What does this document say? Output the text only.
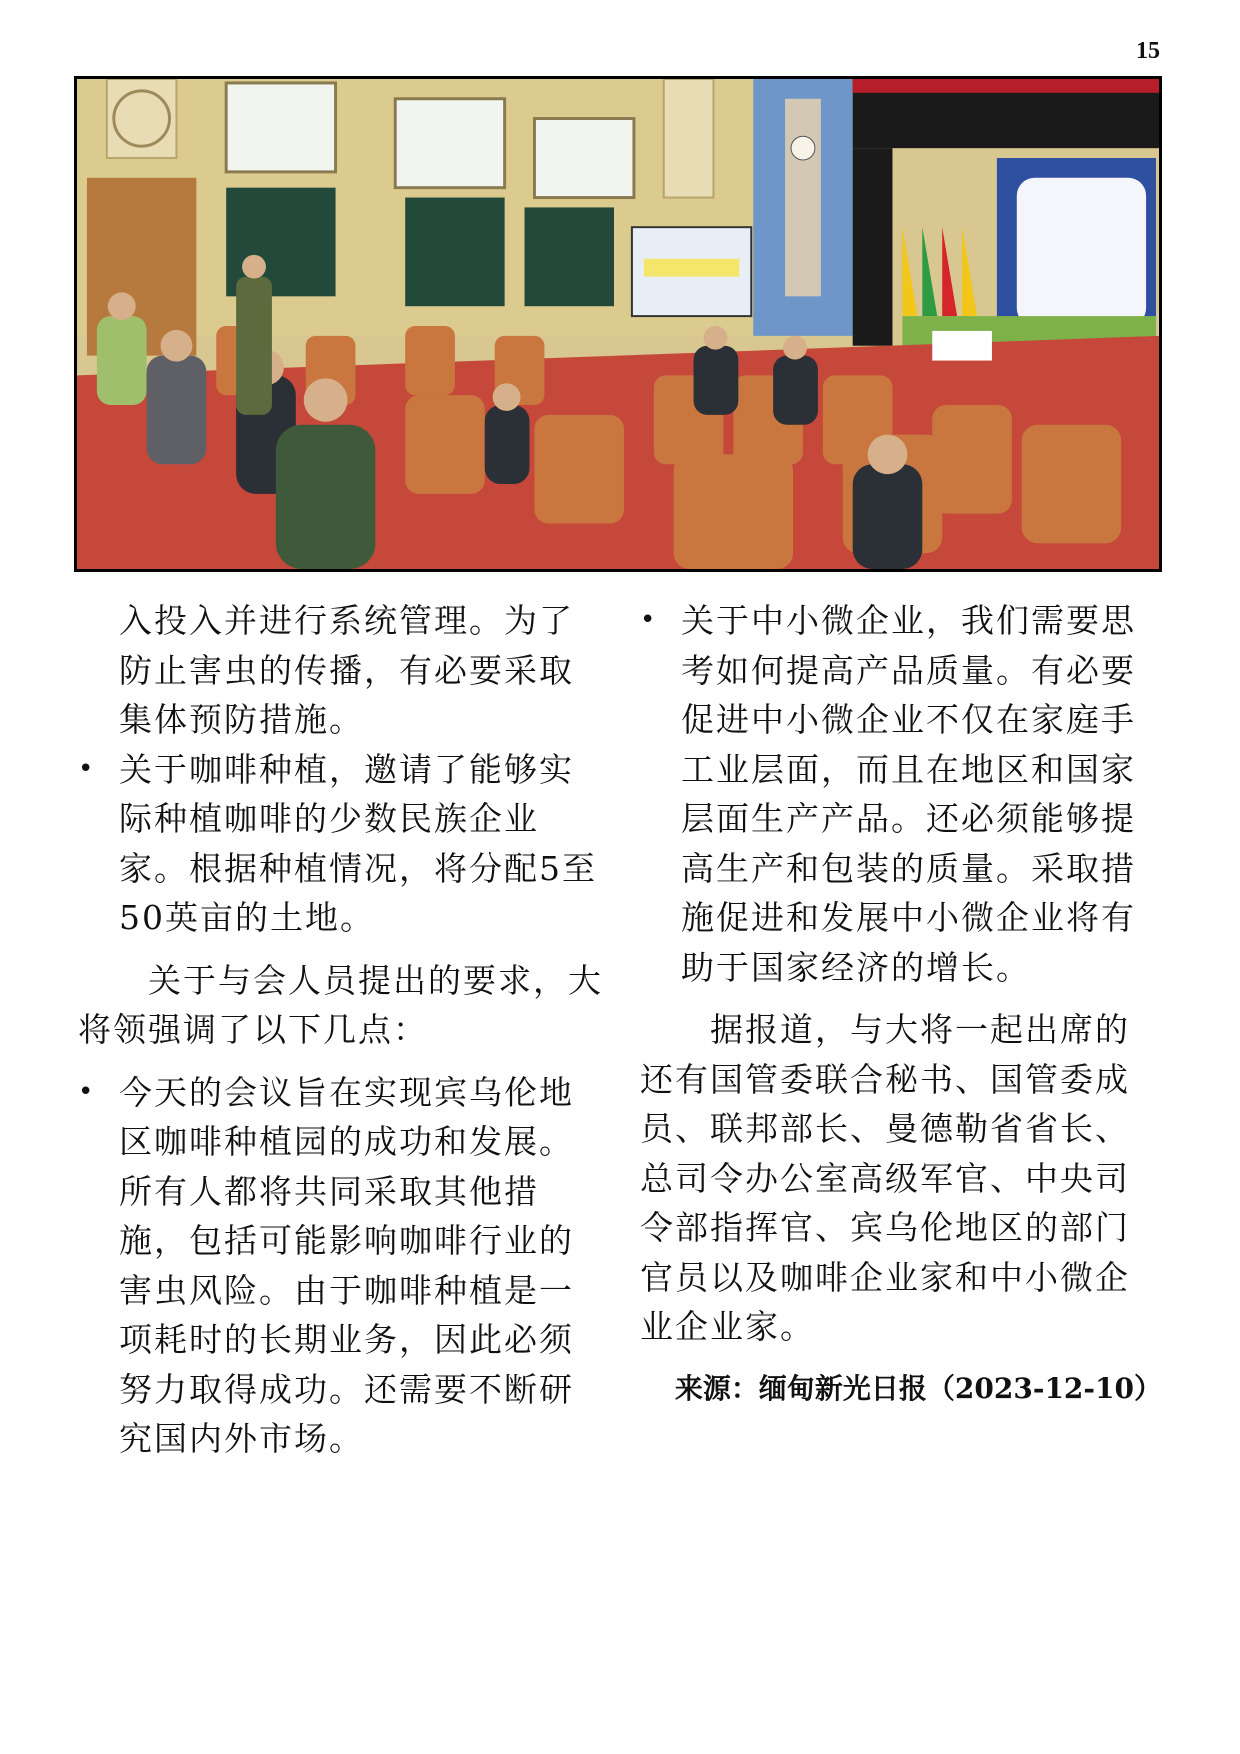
15
入投入并进行系统管理。为了防止害虫的传播，有必要采取集体预防措施。
• 关于咖啡种植，邀请了能够实际种植咖啡的少数民族企业家。根据种植情况，将分配5至50英亩的土地。
关于与会人员提出的要求，大将领强调了以下几点：
• 今天的会议旨在实现宾乌伦地区咖啡种植园的成功和发展。所有人都将共同采取其他措施，包括可能影响咖啡行业的害虫风险。由于咖啡种植是一项耗时的长期业务，因此必须努力取得成功。还需要不断研究国内外市场。
• 关于中小微企业，我们需要思考如何提高产品质量。有必要促进中小微企业不仅在家庭手工业层面，而且在地区和国家层面生产产品。还必须能够提高生产和包装的质量。采取措施促进和发展中小微企业将有助于国家经济的增长。
据报道，与大将一起出席的还有国管委联合秘书、国管委成员、联邦部长、曼德勒省省长、总司令办公室高级军官、中央司令部指挥官、宾乌伦地区的部门官员以及咖啡企业家和中小微企业企业家。
来源：缅甸新光日报（2023-12-10）
